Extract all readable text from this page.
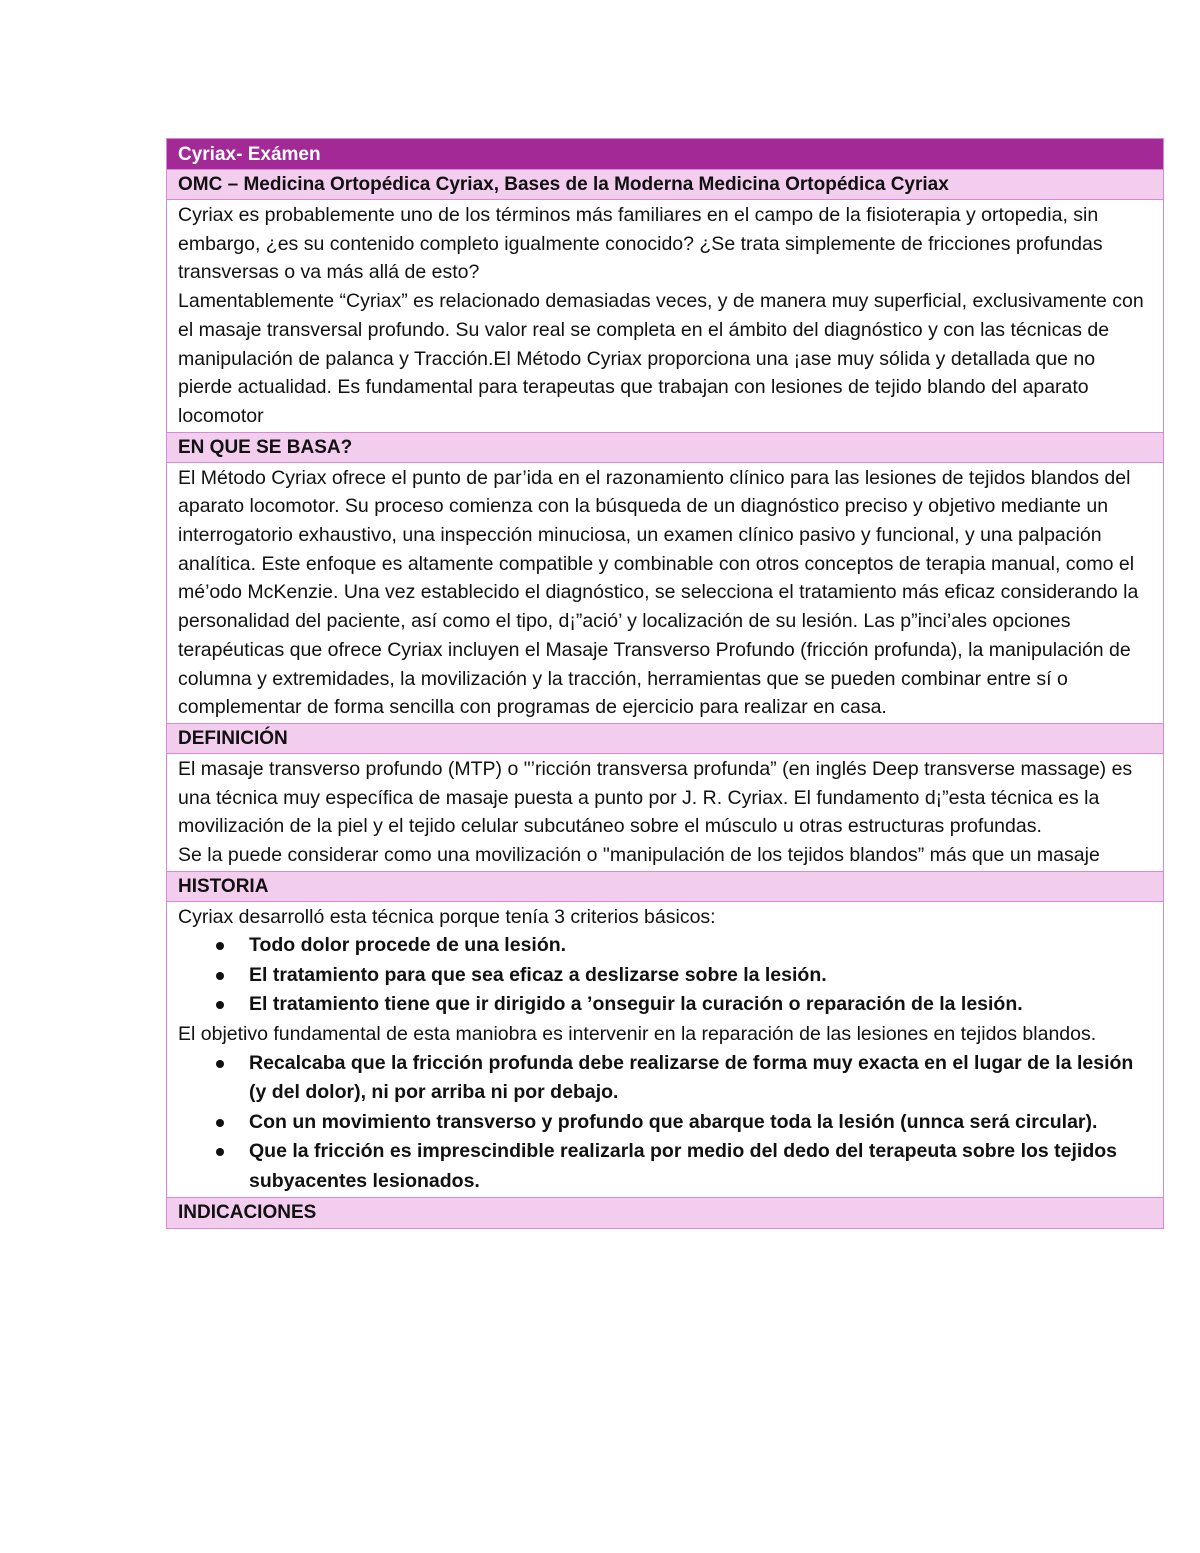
Cyriax- Exámen
OMC – Medicina Ortopédica Cyriax, Bases de la Moderna Medicina Ortopédica Cyriax

Cyriax es probablemente uno de los términos más familiares en el campo de la fisioterapia y ortopedia, sin embargo, ¿es su contenido completo igualmente conocido? ¿Se trata simplemente de fricciones profundas transversas o va más allá de esto?

Lamentablemente “Cyriax” es relacionado demasiadas veces, y de manera muy superficial, exclusivamente con el masaje transversal profundo. Su valor real se completa en el ámbito del diagnóstico y con las técnicas de manipulación de palanca y Tracción.El Método Cyriax proporciona una ¡ase muy sólida y detallada que no pierde actualidad. Es fundamental para terapeutas que trabajan con lesiones de tejido blando del aparato locomotor

EN QUE SE BASA?

El Método Cyriax ofrece el punto de par’ida en el razonamiento clínico para las lesiones de tejidos blandos del aparato locomotor. Su proceso comienza con la búsqueda de un diagnóstico preciso y objetivo mediante un interrogatorio exhaustivo, una inspección minuciosa, un examen clínico pasivo y funcional, y una palpación analítica. Este enfoque es altamente compatible y combinable con otros conceptos de terapia manual, como el mé’odo McKenzie. Una vez establecido el diagnóstico, se selecciona el tratamiento más eficaz considerando la personalidad del paciente, así como el tipo, d¡”ació’ y localización de su lesión. Las p”inci’ales opciones terapéuticas que ofrece Cyriax incluyen el Masaje Transverso Profundo (fricción profunda), la manipulación de columna y extremidades, la movilización y la tracción, herramientas que se pueden combinar entre sí o complementar de forma sencilla con programas de ejercicio para realizar en casa.

DEFINICIÓN

El masaje transverso profundo (MTP) o "’ricción transversa profunda” (en inglés Deep transverse massage) es una técnica muy específica de masaje puesta a punto por J. R. Cyriax. El fundamento d¡”esta técnica es la movilización de la piel y el tejido celular subcutáneo sobre el músculo u otras estructuras profundas.

Se la puede considerar como una movilización o "manipulación de los tejidos blandos” más que un masaje

HISTORIA

Cyriax desarrolló esta técnica porque tenía 3 criterios básicos:

Todo dolor procede de una lesión.
El tratamiento para que sea eficaz a deslizarse sobre la lesión.
El tratamiento tiene que ir dirigido a ’onseguir la curación o reparación de la lesión.

El objetivo fundamental de esta maniobra es intervenir en la reparación de las lesiones en tejidos blandos.

Recalcaba que la fricción profunda debe realizarse de forma muy exacta en el lugar de la lesión (y del dolor), ni por arriba ni por debajo.
Con un movimiento transverso y profundo que abarque toda la lesión (unnca será circular).
Que la fricción es imprescindible realizarla por medio del dedo del terapeuta sobre los tejidos subyacentes lesionados.
INDICACIONES
